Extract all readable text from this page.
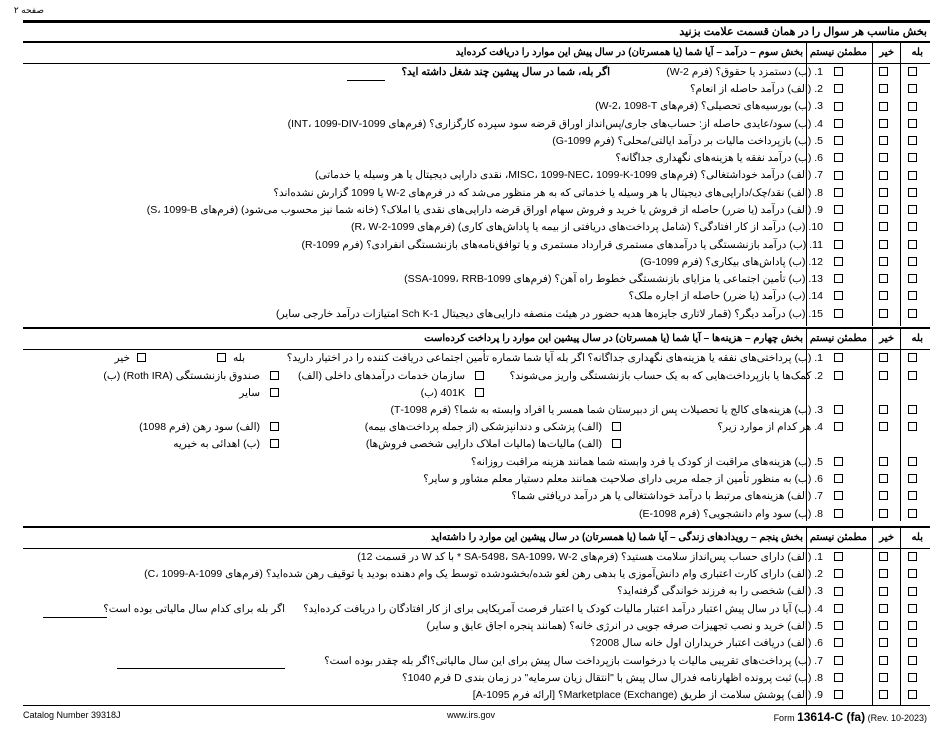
صفحه ۲
بخش مناسب هر سوال را در همان قسمت علامت بزنید
بله
خیر
مطمئن نیستم
بخش سوم – درآمد – آیا شما (یا همسرتان) در سال پیش این موارد را دریافت کرده‌اید
1. (ب) دستمزد یا حقوق؟ (فرم W-2)
اگر بله، شما در سال پیشین چند شغل داشته اید؟
2. (الف) درآمد حاصله از انعام؟
3. (ب) بورسیه‌های تحصیلی؟ (فرم‌های W-2، 1098-T)
4. (ب) سود/عایدی حاصله از: حساب‌های جاری/پس‌انداز اوراق قرضه سود سپرده کارگزاری؟ (فرم‌های 1099-INT، 1099-DIV)
5. (ب) بازپرداخت مالیات بر درآمد ایالتی/محلی؟ (فرم 1099-G)
6. (ب) درآمد نفقه یا هزینه‌های نگهداری جداگانه؟
7. (الف) درآمد خوداشتغالی؟ (فرم‌های 1099-MISC، 1099-NEC، 1099-K، نقدی دارایی دیجیتال یا هر وسیله یا خدماتی)
8. (الف) نقد/چک/دارایی‌های دیجیتال یا هر وسیله یا خدماتی که به هر منظور می‌شد که در فرم‌های W-2 یا 1099 گزارش نشده‌اند؟
9. (الف) درآمد (یا ضرر) حاصله از فروش یا خرید و فروش سهام اوراق قرضه دارایی‌های نقدی یا املاک؟ (خانه شما نیز محسوب می‌شود) (فرم‌های S، 1099-B)
10. (ب) درآمد از کار افتادگی؟ (شامل پرداخت‌های دریافتی از بیمه یا پاداش‌های کاری) (فرم‌های 1099-R، W-2)
11. (ب) درآمد بازنشستگی یا درآمدهای مستمری قرارداد مستمری و یا توافق‌نامه‌های بازنشستگی انفرادی؟ (فرم 1099-R)
12. (ب) پاداش‌های بیکاری؟ (فرم 1099-G)
13. (ب) تأمین اجتماعی یا مزایای بازنشستگی خطوط راه آهن؟ (فرم‌های SSA-1099، RRB-1099)
14. (ب) درآمد (یا ضرر) حاصله از اجاره ملک؟
15. (ب) درآمد دیگر؟ (قمار لاتاری جایزه‌ها هدیه حضور در هیئت منصفه دارایی‌های دیجیتال Sch K-1 امتیازات درآمد خارجی سایر)
بله
خیر
مطمئن نیستم
بخش چهارم – هزینه‌ها – آیا شما (یا همسرتان) در سال پیشین این موارد را پرداخت کرده‌است
1. (ب) پرداختی‌های نفقه یا هزینه‌های نگهداری جداگانه؟
اگر بله آیا شما شماره تأمین اجتماعی دریافت کننده را در اختیار دارید؟
بله
خیر
2. کمک‌ها یا بازپرداخت‌هایی که به یک حساب بازنشستگی واریز می‌شوند؟
سازمان خدمات درآمدهای داخلی (الف)
صندوق بازنشستگی (Roth IRA) (ب)
401K (ب)
سایر
3. (ب) هزینه‌های کالج یا تحصیلات پس از دبیرستان شما همسر یا افراد وابسته به شما؟ (فرم 1098-T)
4. هر کدام از موارد زیر؟
(الف) پزشکی و دندانپزشکی (از جمله پرداخت‌های بیمه)
(الف) سود رهن (فرم 1098)
(الف) مالیات‌ها (مالیات املاک دارایی شخصی فروش‌ها)
(ب) اهدائی به خیریه
5. (ب) هزینه‌های مراقبت از کودک یا فرد وابسته شما همانند هزینه مراقبت روزانه؟
6. (ب) به منظور تأمین از جمله مربی دارای صلاحیت همانند معلم دستیار معلم مشاور و سایر؟
7. (الف) هزینه‌های مرتبط با درآمد خوداشتغالی یا هر درآمد دریافتی شما؟
8. (ب) سود وام دانشجویی؟ (فرم 1098-E)
بله
خیر
مطمئن نیستم
بخش پنجم – رویدادهای زندگی – آیا شما (یا همسرتان) در سال پیشین این موارد را داشته‌اید
1. (الف) دارای حساب پس‌انداز سلامت هستید؟ (فرم‌های SA-5498، SA-1099، W-2 * با کد W در قسمت 12)
2. (الف) دارای کارت اعتباری وام دانش‌آموزی یا بدهی رهن لغو شده/بخشودشده توسط یک وام دهنده بودید یا توقیف رهن شده‌اید؟ (فرم‌های 1099-C، 1099-A)
3. (الف) شخصی را به فرزند خواندگی گرفته‌اید؟
4. (ب) آیا در سال پیش اعتبار درآمد اعتبار مالیات کودک یا اعتبار فرصت آمریکایی برای از کار افتادگان را دریافت کرده‌اید؟
اگر بله برای کدام سال مالیاتی بوده است؟
5. (الف) خرید و نصب تجهیزات صرفه جویی در انرژی خانه؟ (همانند پنجره اجاق عایق و سایر)
6. (الف) دریافت اعتبار خریداران اول خانه سال 2008؟
7. (ب) پرداخت‌های تقریبی مالیات یا درخواست بازپرداخت سال پیش برای این سال مالیاتی؟
اگر بله چقدر بوده است؟
8. (ب) ثبت پرونده اظهارنامه فدرال سال پیش با "انتقال زیان سرمایه" در زمان بندی D فرم 1040؟
9. (الف) پوشش سلامت از طریق Marketplace (Exchange)؟ [ارائه فرم 1095-A]
Catalog Number 39318J	www.irs.gov	Form 13614-C (fa) (Rev. 10-2023)
